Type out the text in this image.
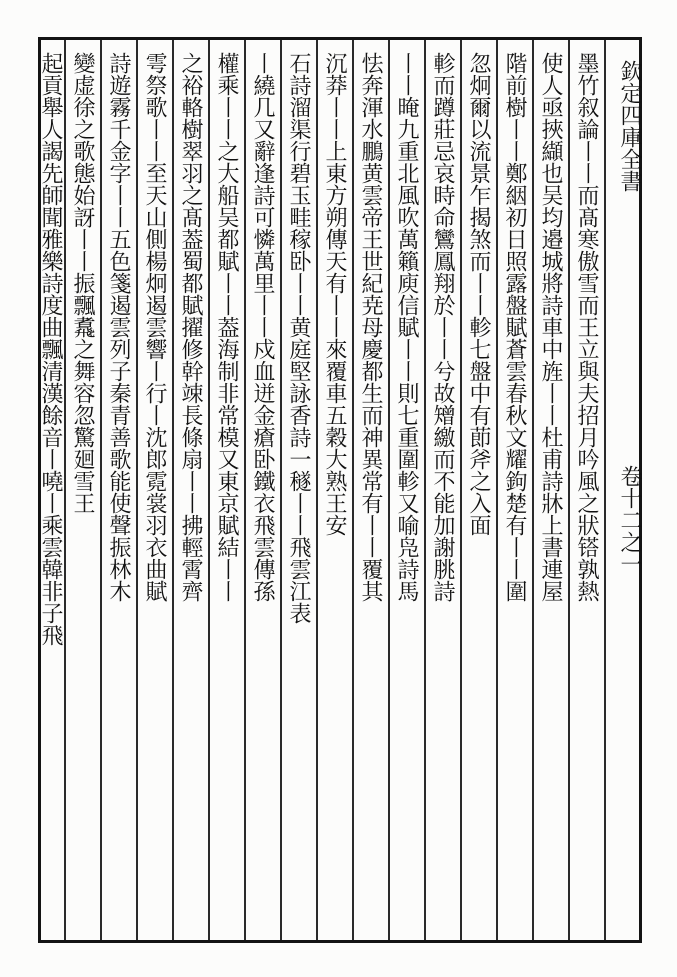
欽定四庫全書
卷十二之一
墨竹叙論丨丨而髙寒傲雪而王立與夫招月吟風之狀𨱏孰熱
使人亟挾纈也吴均邉城將詩車中旌丨丨杜甫詩牀上書連屋
階前樹丨丨鄭絪初日照露盤賦蒼雲春秋文耀鉤楚有丨丨圍
忽炯爾以流景乍揭煞而丨丨軫七盤中有莭斧之入面
軫而蹲莊忌哀時命鸞鳳翔於丨丨兮故矰繳而不能加謝朓詩
丨丨晻九重北風吹萬籟庾信賦丨丨則七重圍軫又喻凫詩馬
怯奔渾水鵬黄雲帝王世紀尭母慶都生而神異常有丨丨覆其
沉莽丨丨上東方朔傳天有丨丨來覆車五穀大熟王安
石詩溜渠行碧玉畦稼卧丨丨黄庭堅詠香詩一穟丨丨飛雲江表
丨繞几又辭逢詩可憐萬里丨丨戍血迸金瘡卧鐵衣飛雲傳孫
權乘丨丨之大船吴都賦丨丨葢海制非常模又東京賦結丨丨
之裕輅樹翠羽之髙葢蜀都賦擢修幹竦長條扇丨丨拂輕霄齊
雩祭歌丨丨至天山側楊炯遏雲響丨行丨沈郎霓裳羽衣曲賦
詩遊霧千金字丨丨五色箋遏雲列子秦青善歌能使聲振林木
變虚徐之歌態始訝丨丨振飄䬡之舞容忽驚廻雪王
起貢舉人謁先師聞雅樂詩度曲飄清漢餘音丨嘵丨乘雲韓非子飛
